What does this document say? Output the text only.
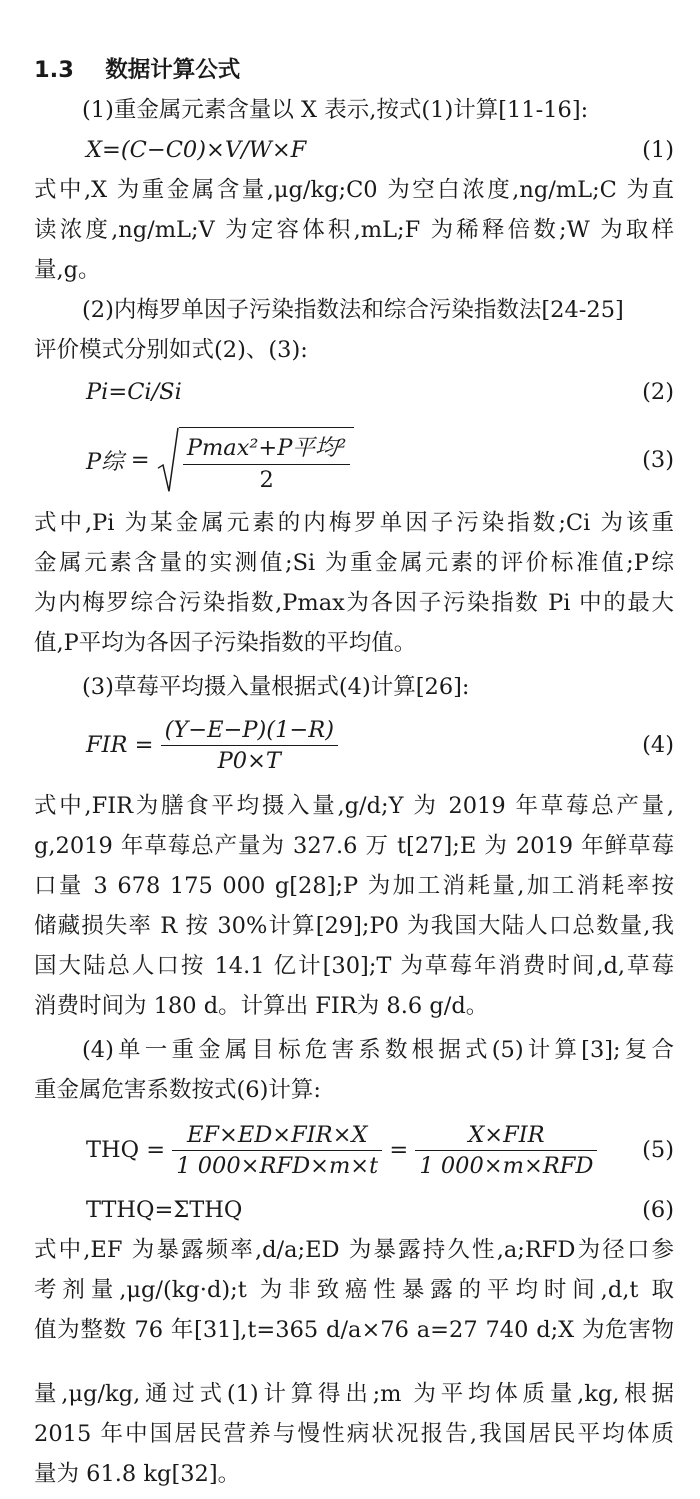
1.3 数据计算公式
(1)重金属元素含量以 X 表示,按式(1)计算[11-16]:
X=(C−C0)×V/W×F	(1)
式中,X 为重金属含量,μg/kg;C0 为空白浓度,ng/mL;C 为直
读浓度,ng/mL;V 为定容体积,mL;F 为稀释倍数;W 为取样
量,g。
(2)内梅罗单因子污染指数法和综合污染指数法[24-25]
评价模式分别如式(2)、(3):
Pi=Ci/Si	(2)
P综 = $\frac{\text{Pmax²+P平均²}}{2}$	(3)
式中,Pi 为某金属元素的内梅罗单因子污染指数;Ci 为该重
金属元素含量的实测值;Si 为重金属元素的评价标准值;P综
为内梅罗综合污染指数,Pmax为各因子污染指数 Pi 中的最大
值,P平均为各因子污染指数的平均值。
(3)草莓平均摄入量根据式(4)计算[26]:
FIR = $\frac{(Y-E-P)(1-R)}{P0\times T}$	(4)
式中,FIR为膳食平均摄入量,g/d;Y 为 2019 年草莓总产量,
g,2019 年草莓总产量为 327.6 万 t[27];E 为 2019 年鲜草莓
口量 3 678 175 000 g[28];P 为加工消耗量,加工消耗率按
储藏损失率 R 按 30%计算[29];P0 为我国大陆人口总数量,我
国大陆总人口按 14.1 亿计[30];T 为草莓年消费时间,d,草莓
消费时间为 180 d。计算出 FIR为 8.6 g/d。
(4)单一重金属目标危害系数根据式(5)计算[3];复合
重金属危害系数按式(6)计算:
THQ = $\frac{\text{EF×ED×FIR×X}}{\text{1 000×RFD×m×t}} = \frac{\text{X×FIR}}{\text{1 000×m×RFD}} (5)$
TTHQ=ΣTHQ	(6)
式中,EF 为暴露频率,d/a;ED 为暴露持久性,a;RFD为径口参
考剂量,μg/(kg·d);t 为非致癌性暴露的平均时间,d,t 取
值为整数 76 年[31],t=365 d/a×76 a=27 740 d;X 为危害物
量,μg/kg,通过式(1)计算得出;m 为平均体质量,kg,根据
2015 年中国居民营养与慢性病状况报告,我国居民平均体质
量为 61.8 kg[32]。
